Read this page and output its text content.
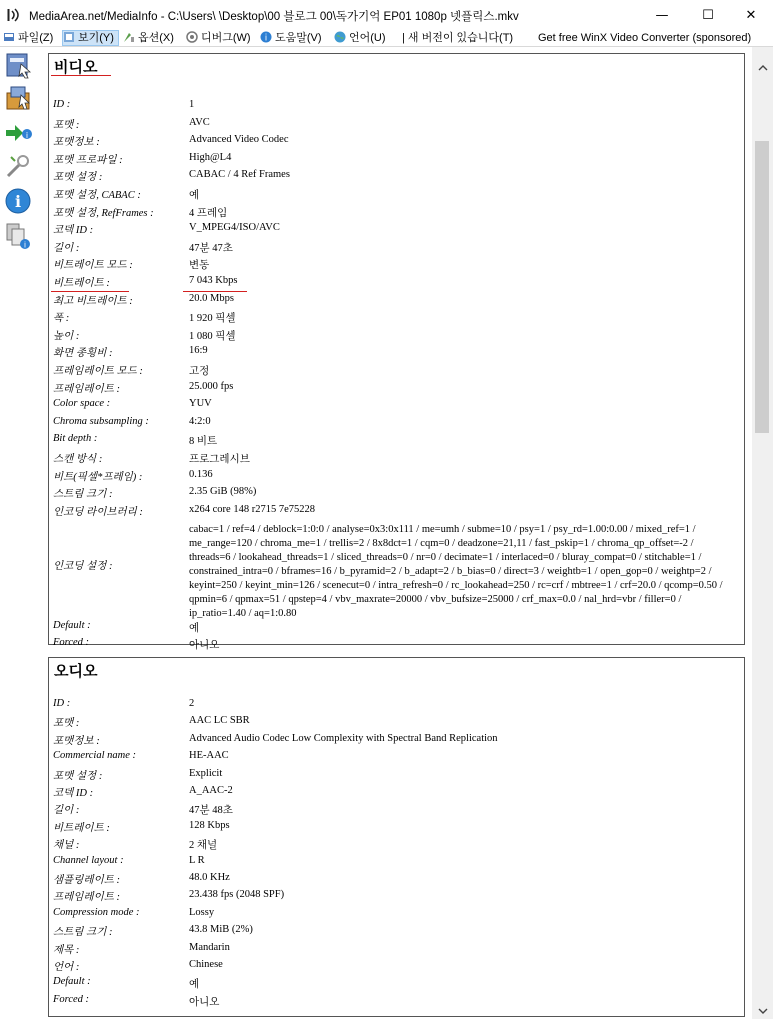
MediaArea.net/MediaInfo - C:\Users\ \Desktop\00 블로그 00\독가기억 EP01 1080p 넷플릭스.mkv	—	☐	✕
파일(Z)	보기(Y)	옵션(X)	디버그(W) i 도움말(V)	언어(U) | 새 버전이 있습니다(T) Get free WinX Video Converter (sponsored)
i
i
i
비디오
ID :	1
포맷 :	AVC
포맷정보 :	Advanced Video Codec
포맷 프로파일 :	High@L4
포맷 설정 :	CABAC / 4 Ref Frames
포맷 설정, CABAC :	예
포맷 설정, RefFrames :	4 프레임
코덱 ID :	V_MPEG4/ISO/AVC
길이 :	47분 47초
비트레이트 모드 :	변동
비트레이트 :	7 043 Kbps
최고 비트레이트 :	20.0 Mbps
폭 :	1 920 픽셀
높이 :	1 080 픽셀
화면 종횡비 :	16:9
프레임레이트 모드 :	고정
프레임레이트 :	25.000 fps
Color space :	YUV
Chroma subsampling :	4:2:0
Bit depth :	8 비트
스캔 방식 :	프로그레시브
비트(픽셀*프레임) :	0.136
스트림 크기 :	2.35 GiB (98%)
인코딩 라이브러리 :	x264 core 148 r2715 7e75228
인코딩 설정 :
cabac=1 / ref=4 / deblock=1:0:0 / analyse=0x3:0x111 / me=umh / subme=10 / psy=1 / psy_rd=1.00:0.00 / mixed_ref=1 / me_range=120 / chroma_me=1 / trellis=2 / 8x8dct=1 / cqm=0 / deadzone=21,11 / fast_pskip=1 / chroma_qp_offset=-2 / threads=6 / lookahead_threads=1 / sliced_threads=0 / nr=0 / decimate=1 / interlaced=0 / bluray_compat=0 / stitchable=1 / constrained_intra=0 / bframes=16 / b_pyramid=2 / b_adapt=2 / b_bias=0 / direct=3 / weightb=1 / open_gop=0 / weightp=2 / keyint=250 / keyint_min=126 / scenecut=0 / intra_refresh=0 / rc_lookahead=250 / rc=crf / mbtree=1 / crf=20.0 / qcomp=0.50 / qpmin=6 / qpmax=51 / qpstep=4 / vbv_maxrate=20000 / vbv_bufsize=25000 / crf_max=0.0 / nal_hrd=vbr / filler=0 / ip_ratio=1.40 / aq=1:0.80
Default :	예
Forced :	아니오
오디오
ID :	2
포맷 :	AAC LC SBR
포맷정보 :	Advanced Audio Codec Low Complexity with Spectral Band Replication
Commercial name :	HE-AAC
포맷 설정 :	Explicit
코덱 ID :	A_AAC-2
길이 :	47분 48초
비트레이트 :	128 Kbps
채널 :	2 채널
Channel layout :	L R
샘플링레이트 :	48.0 KHz
프레임레이트 :	23.438 fps (2048 SPF)
Compression mode :	Lossy
스트림 크기 :	43.8 MiB (2%)
제목 :	Mandarin
언어 :	Chinese
Default :	예
Forced :	아니오
